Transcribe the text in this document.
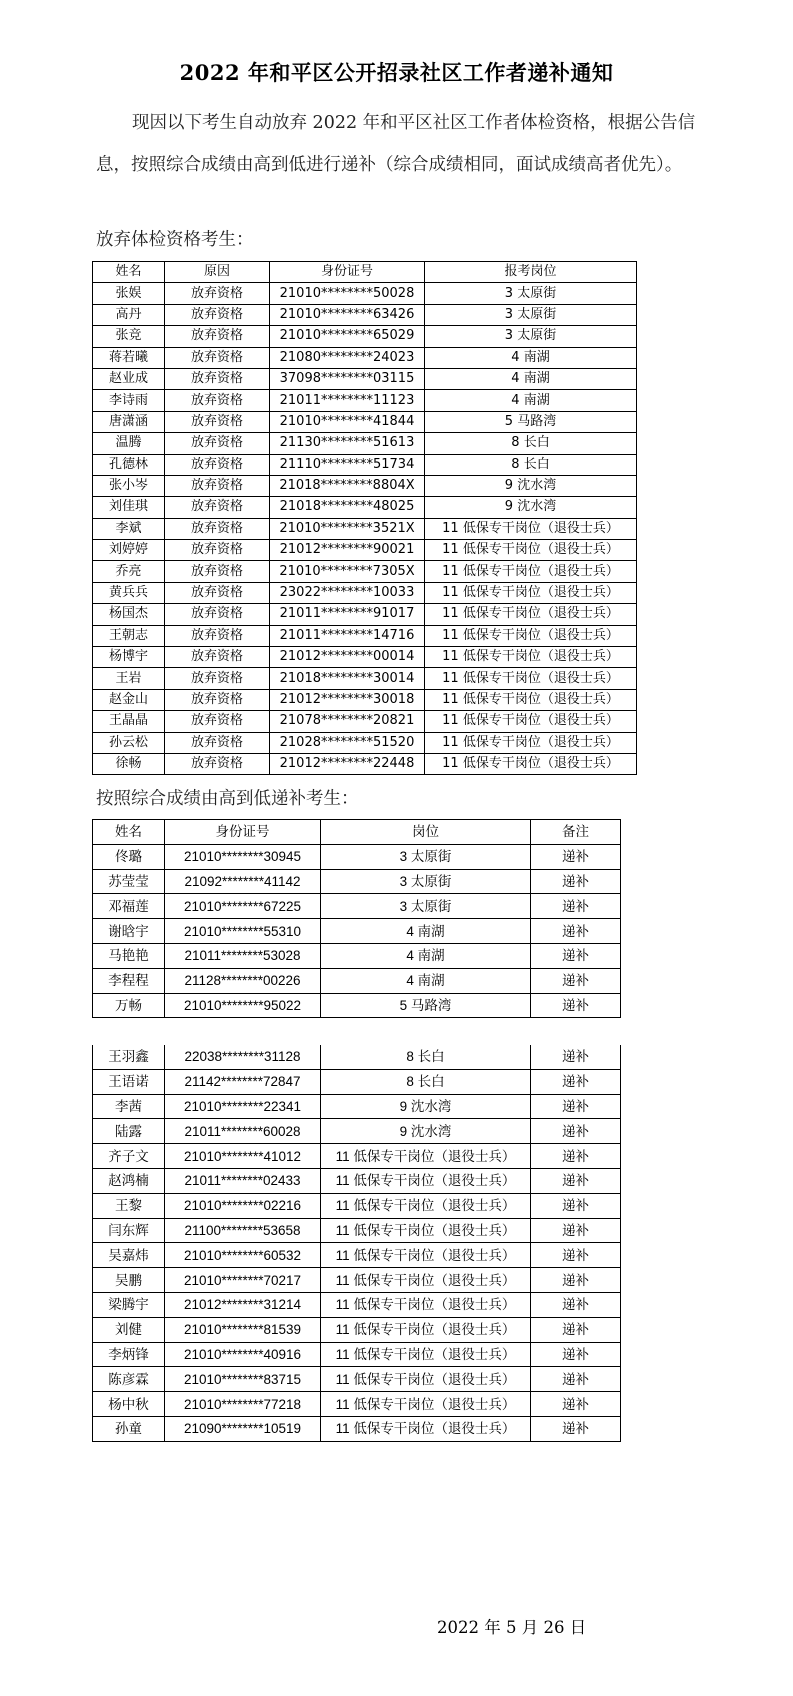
2022 年和平区公开招录社区工作者递补通知
现因以下考生自动放弃 2022 年和平区社区工作者体检资格，根据公告信息，按照综合成绩由高到低进行递补（综合成绩相同，面试成绩高者优先）。
放弃体检资格考生：
姓名	原因	身份证号	报考岗位
张娱	放弃资格	21010********50028	3 太原街
高丹	放弃资格	21010********63426	3 太原街
张竞	放弃资格	21010********65029	3 太原街
蒋若曦	放弃资格	21080********24023	4 南湖
赵业成	放弃资格	37098********03115	4 南湖
李诗雨	放弃资格	21011********11123	4 南湖
唐潇涵	放弃资格	21010********41844	5 马路湾
温腾	放弃资格	21130********51613	8 长白
孔德林	放弃资格	21110********51734	8 长白
张小岑	放弃资格	21018********8804X	9 沈水湾
刘佳琪	放弃资格	21018********48025	9 沈水湾
李斌	放弃资格	21010********3521X	11 低保专干岗位（退役士兵）
刘婷婷	放弃资格	21012********90021	11 低保专干岗位（退役士兵）
乔亮	放弃资格	21010********7305X	11 低保专干岗位（退役士兵）
黄兵兵	放弃资格	23022********10033	11 低保专干岗位（退役士兵）
杨国杰	放弃资格	21011********91017	11 低保专干岗位（退役士兵）
王朝志	放弃资格	21011********14716	11 低保专干岗位（退役士兵）
杨博宇	放弃资格	21012********00014	11 低保专干岗位（退役士兵）
王岩	放弃资格	21018********30014	11 低保专干岗位（退役士兵）
赵金山	放弃资格	21012********30018	11 低保专干岗位（退役士兵）
王晶晶	放弃资格	21078********20821	11 低保专干岗位（退役士兵）
孙云松	放弃资格	21028********51520	11 低保专干岗位（退役士兵）
徐畅	放弃资格	21012********22448	11 低保专干岗位（退役士兵）
按照综合成绩由高到低递补考生：
姓名	身份证号	岗位	备注
佟璐	21010********30945	3 太原街	递补
苏莹莹	21092********41142	3 太原街	递补
邓福莲	21010********67225	3 太原街	递补
谢晗宇	21010********55310	4 南湖	递补
马艳艳	21011********53028	4 南湖	递补
李程程	21128********00226	4 南湖	递补
万畅	21010********95022	5 马路湾	递补
王羽鑫	22038********31128	8 长白	递补
王语诺	21142********72847	8 长白	递补
李茜	21010********22341	9 沈水湾	递补
陆露	21011********60028	9 沈水湾	递补
齐子文	21010********41012	11 低保专干岗位（退役士兵）	递补
赵鸿楠	21011********02433	11 低保专干岗位（退役士兵）	递补
王黎	21010********02216	11 低保专干岗位（退役士兵）	递补
闫东辉	21100********53658	11 低保专干岗位（退役士兵）	递补
吴嘉炜	21010********60532	11 低保专干岗位（退役士兵）	递补
吴鹏	21010********70217	11 低保专干岗位（退役士兵）	递补
梁腾宇	21012********31214	11 低保专干岗位（退役士兵）	递补
刘健	21010********81539	11 低保专干岗位（退役士兵）	递补
李炳锋	21010********40916	11 低保专干岗位（退役士兵）	递补
陈彦霖	21010********83715	11 低保专干岗位（退役士兵）	递补
杨中秋	21010********77218	11 低保专干岗位（退役士兵）	递补
孙童	21090********10519	11 低保专干岗位（退役士兵）	递补
2022 年 5 月 26 日
